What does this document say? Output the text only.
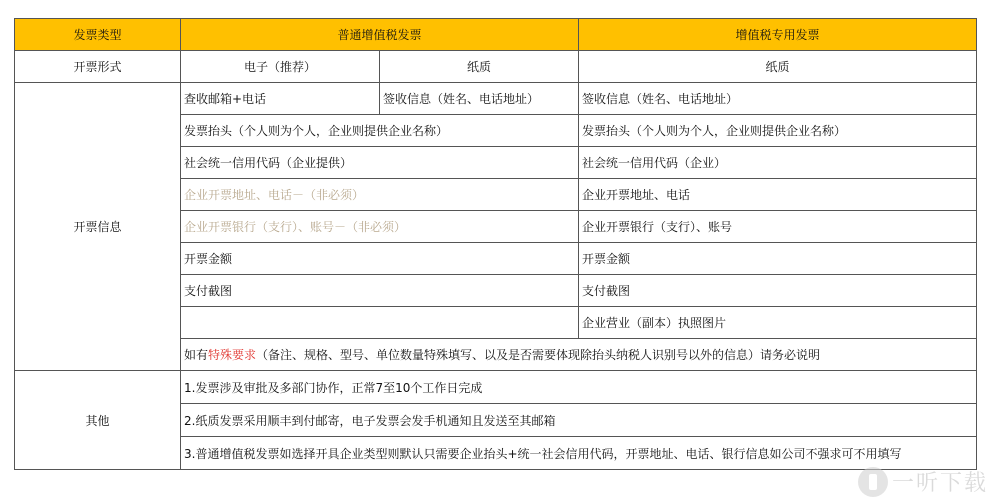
发票类型	普通增值税发票		增值税专用发票
开票形式	电子（推荐）	纸质	纸质
开票信息	查收邮箱+电话	签收信息（姓名、电话地址）	签收信息（姓名、电话地址）
	发票抬头（个人则为个人，企业则提供企业名称）		发票抬头（个人则为个人，企业则提供企业名称）
	社会统一信用代码（企业提供）		社会统一信用代码（企业）
	企业开票地址、电话－（非必须）		企业开票地址、电话
	企业开票银行（支行）、账号－（非必须）		企业开票银行（支行）、账号
	开票金额		开票金额
	支付截图		支付截图
			企业营业（副本）执照图片
	如有特殊要求（备注、规格、型号、单位数量特殊填写、以及是否需要体现除抬头纳税人识别号以外的信息）请务必说明		
其他	1.发票涉及审批及多部门协作，正常7至10个工作日完成		
	2.纸质发票采用顺丰到付邮寄，电子发票会发手机通知且发送至其邮箱		
	3.普通增值税发票如选择开具企业类型则默认只需要企业抬头+统一社会信用代码，开票地址、电话、银行信息如公司不强求可不用填写		
一听下载
